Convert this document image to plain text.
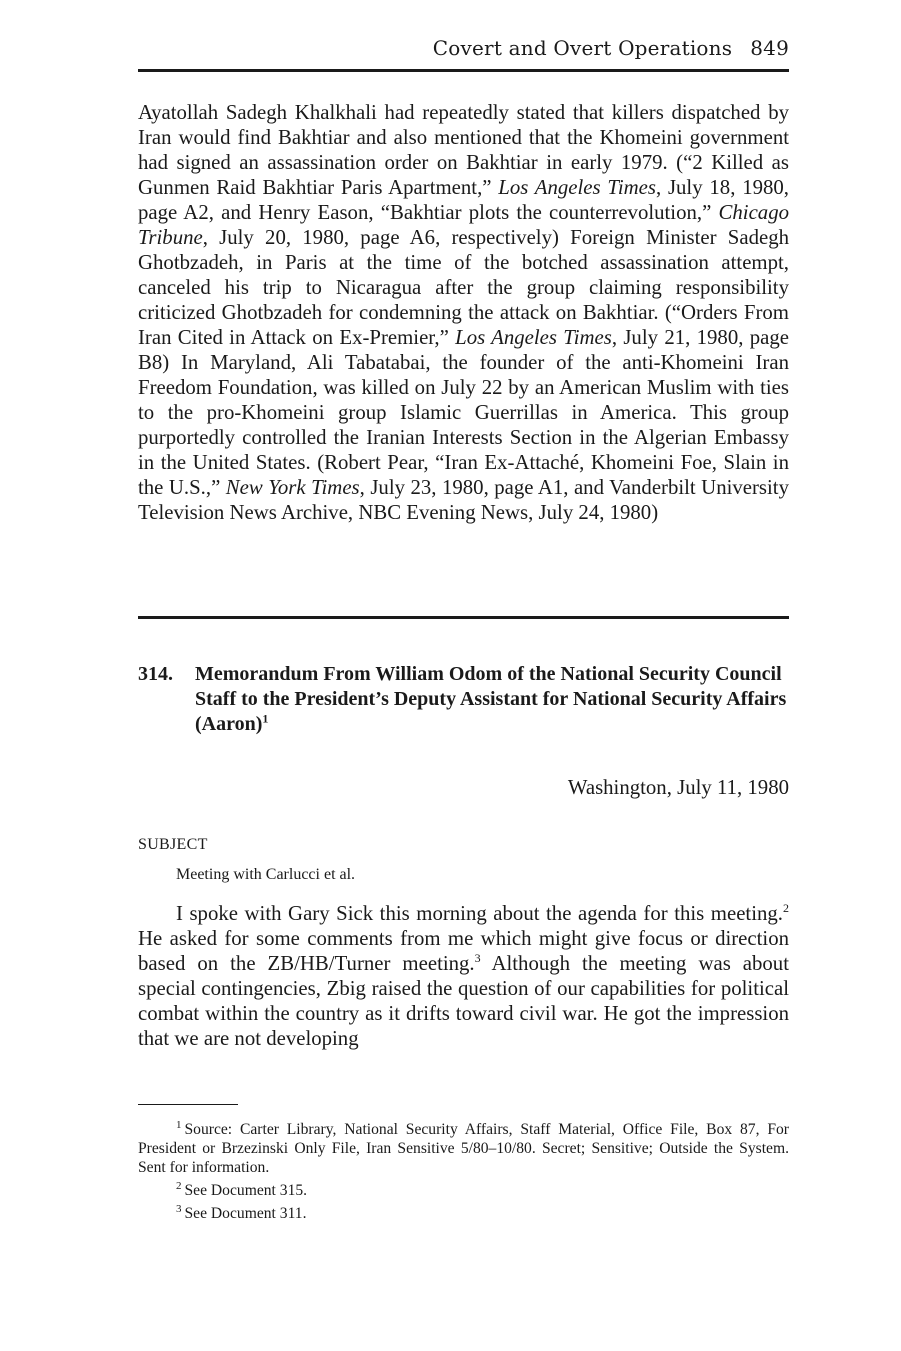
Covert and Overt Operations 849

Ayatollah Sadegh Khalkhali had repeatedly stated that killers dispatched by Iran would find Bakhtiar and also mentioned that the Khomeini government had signed an assassination order on Bakhtiar in early 1979. (“2 Killed as Gunmen Raid Bakhtiar Paris Apartment,” Los Angeles Times, July 18, 1980, page A2, and Henry Eason, “Bakhtiar plots the counterrevolution,” Chicago Tribune, July 20, 1980, page A6, respectively) Foreign Minister Sadegh Ghotbzadeh, in Paris at the time of the botched assassination attempt, canceled his trip to Nicaragua after the group claiming responsibility criticized Ghotbzadeh for condemning the attack on Bakhtiar. (“Orders From Iran Cited in Attack on Ex-Premier,” Los Angeles Times, July 21, 1980, page B8) In Maryland, Ali Tabatabai, the founder of the anti-Khomeini Iran Freedom Foundation, was killed on July 22 by an American Muslim with ties to the pro-Khomeini group Islamic Guerrillas in America. This group purportedly controlled the Iranian Interests Section in the Algerian Embassy in the United States. (Robert Pear, “Iran Ex-Attaché, Khomeini Foe, Slain in the U.S.,” New York Times, July 23, 1980, page A1, and Vanderbilt University Television News Archive, NBC Evening News, July 24, 1980)

314. Memorandum From William Odom of the National Security Council Staff to the President’s Deputy Assistant for National Security Affairs (Aaron)$^1$
Washington, July 11, 1980
SUBJECT
Meeting with Carlucci et al.

I spoke with Gary Sick this morning about the agenda for this meeting.$^2$ He asked for some comments from me which might give focus or direction based on the ZB/HB/Turner meeting.$^3$ Although the meeting was about special contingencies, Zbig raised the question of our capabilities for political combat within the country as it drifts toward civil war. He got the impression that we are not developing

$^1$ Source: Carter Library, National Security Affairs, Staff Material, Office File, Box 87, For President or Brzezinski Only File, Iran Sensitive 5/80–10/80. Secret; Sensitive; Outside the System. Sent for information.

$^2$ See Document 315.

$^3$ See Document 311.
